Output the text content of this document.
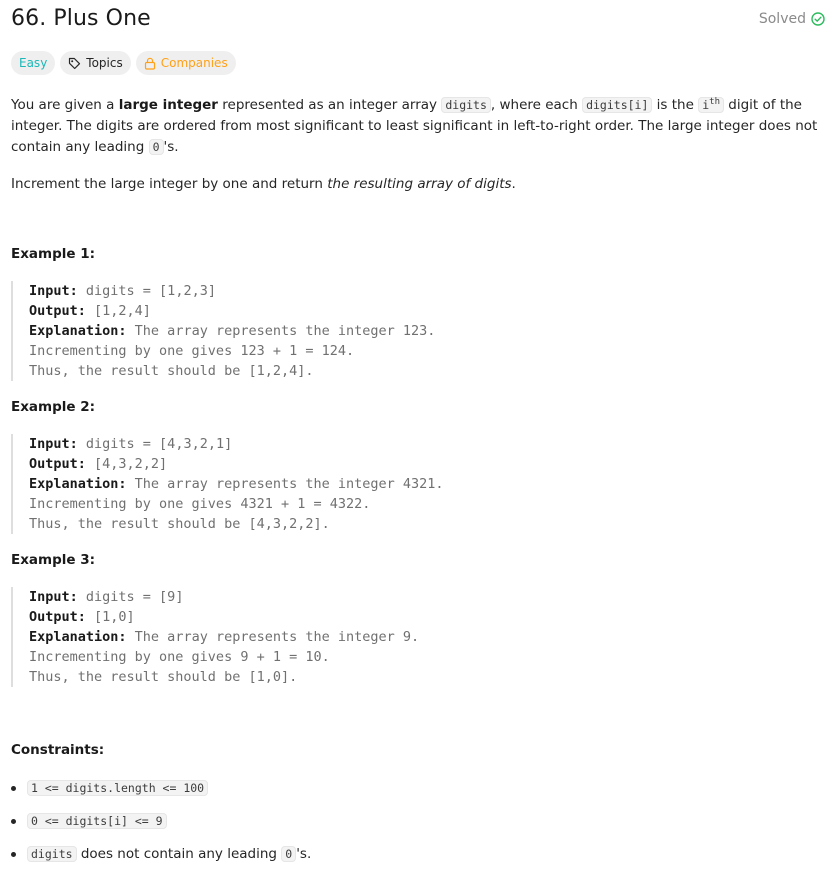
66. Plus One	Solved
Easy	Topics	Companies

You are given a large integer represented as an integer array digits , where each digits[i] is the $i^{th}$ digit of the integer. The digits are ordered from most significant to least significant in left-to-right order. The large integer does not contain any leading 0 's.

Increment the large integer by one and return the resulting array of digits.

Example 1:
Input: digits = [1,2,3]
Output: [1,2,4]
Explanation: The array represents the integer 123.
Incrementing by one gives 123 + 1 = 124.
Thus, the result should be [1,2,4].
Example 2:
Input: digits = [4,3,2,1]
Output: [4,3,2,2]
Explanation: The array represents the integer 4321.
Incrementing by one gives 4321 + 1 = 4322.
Thus, the result should be [4,3,2,2].
Example 3:
Input: digits = [9]
Output: [1,0]
Explanation: The array represents the integer 9.
Incrementing by one gives 9 + 1 = 10.
Thus, the result should be [1,0].
Constraints:
1 <= digits.length <= 100
0 <= digits[i] <= 9
digits does not contain any leading 0 's.
